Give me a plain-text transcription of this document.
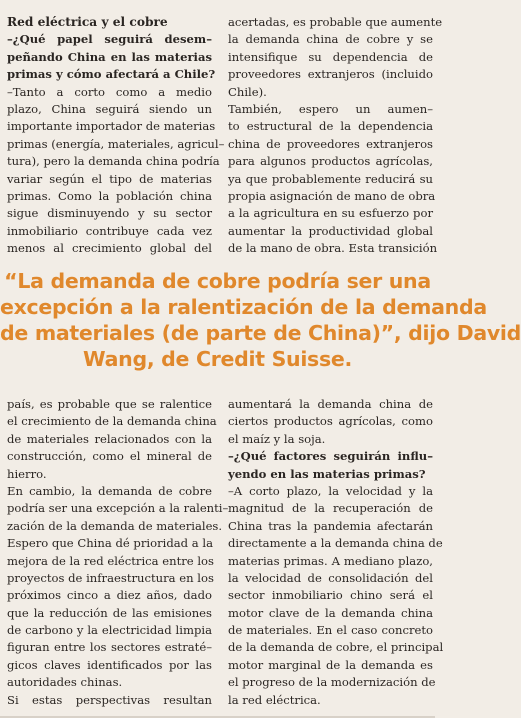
Red eléctrica y el cobre
–¿Qué papel seguirá desem–
peñando China en las materias
primas y cómo afectará a Chile?
–Tanto a corto como a medio
plazo, China seguirá siendo un
importante importador de materias
primas (energía, materiales, agricul–
tura), pero la demanda china podría
variar según el tipo de materias
primas. Como la población china
sigue disminuyendo y su sector
inmobiliario contribuye cada vez
menos al crecimiento global del
acertadas, es probable que aumente
la demanda china de cobre y se
intensifique su dependencia de
proveedores extranjeros (incluido
Chile).
También, espero un aumen–
to estructural de la dependencia
china de proveedores extranjeros
para algunos productos agrícolas,
ya que probablemente reducirá su
propia asignación de mano de obra
a la agricultura en su esfuerzo por
aumentar la productividad global
de la mano de obra. Esta transición
“La demanda de cobre podría ser una
excepción a la ralentización de la demanda
de materiales (de parte de China)”, dijo David
Wang, de Credit Suisse.
país, es probable que se ralentice
el crecimiento de la demanda china
de materiales relacionados con la
construcción, como el mineral de
hierro.
En cambio, la demanda de cobre
podría ser una excepción a la ralenti–
zación de la demanda de materiales.
Espero que China dé prioridad a la
mejora de la red eléctrica entre los
proyectos de infraestructura en los
próximos cinco a diez años, dado
que la reducción de las emisiones
de carbono y la electricidad limpia
figuran entre los sectores estraté–
gicos claves identificados por las
autoridades chinas.
Si estas perspectivas resultan
aumentará la demanda china de
ciertos productos agrícolas, como
el maíz y la soja.
–¿Qué factores seguirán influ–
yendo en las materias primas?
–A corto plazo, la velocidad y la
magnitud de la recuperación de
China tras la pandemia afectarán
directamente a la demanda china de
materias primas. A mediano plazo,
la velocidad de consolidación del
sector inmobiliario chino será el
motor clave de la demanda china
de materiales. En el caso concreto
de la demanda de cobre, el principal
motor marginal de la demanda es
el progreso de la modernización de
la red eléctrica.
